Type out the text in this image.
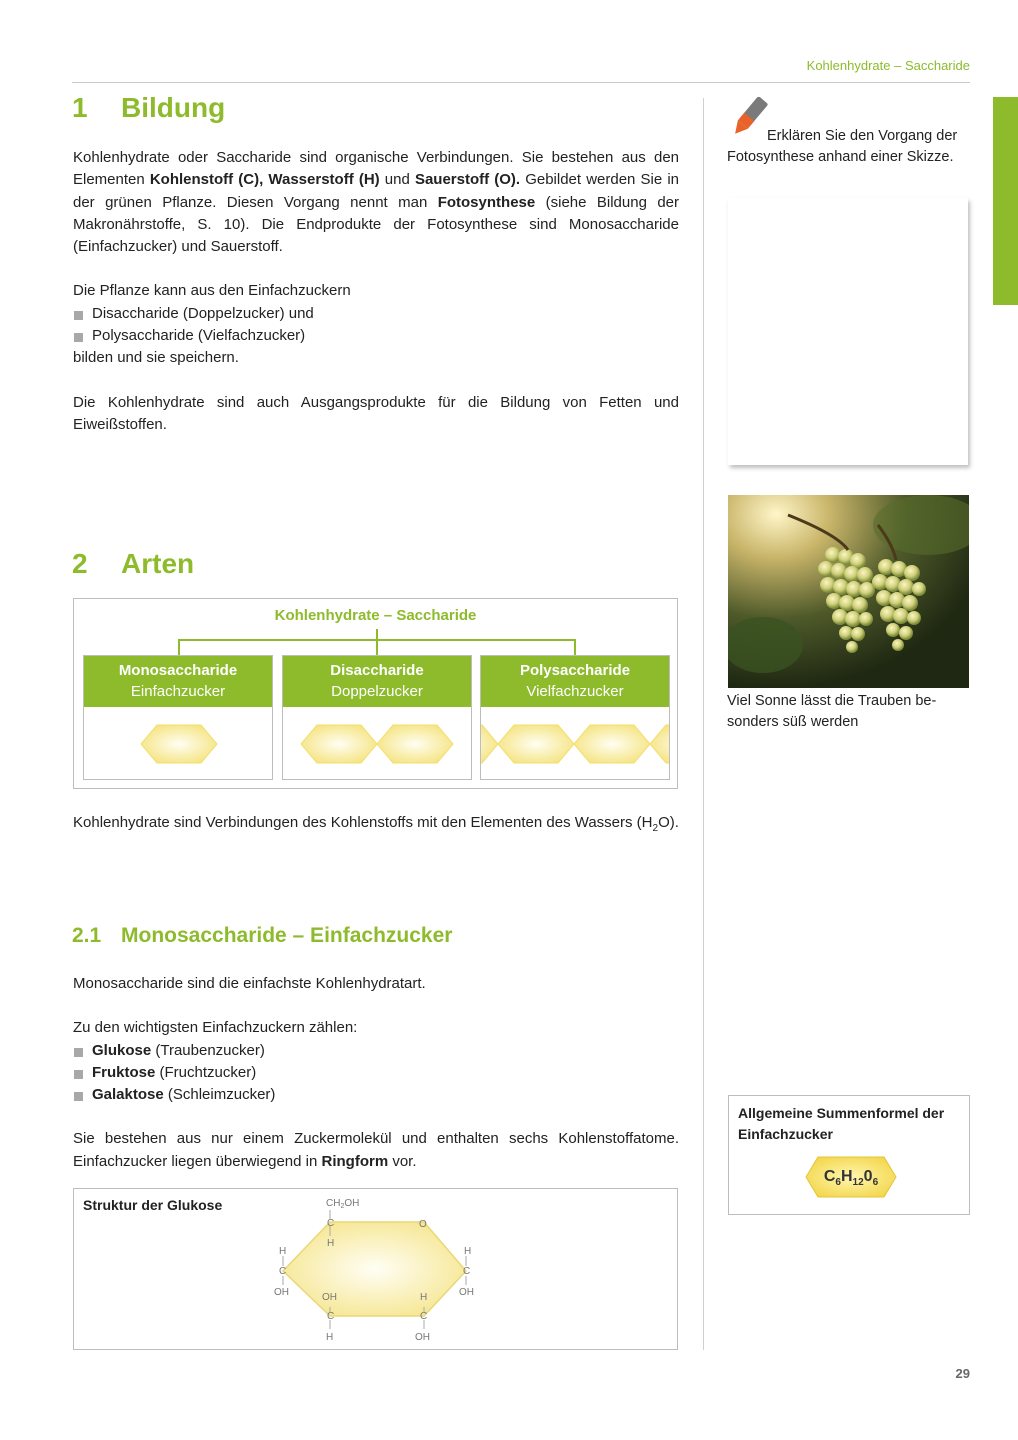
Kohlenhydrate – Saccharide
1 Bildung

Kohlenhydrate oder Saccharide sind organische Verbindungen. Sie bestehen aus den Elementen Kohlenstoff (C), Wasserstoff (H) und Sauerstoff (O). Gebildet werden Sie in der grünen Pflanze. Diesen Vorgang nennt man Fotosynthese (siehe Bildung der Makronährstoffe, S. 10). Die Endprodukte der Fotosynthese sind Monosaccharide (Einfachzucker) und Sauerstoff.

Die Pflanze kann aus den Einfachzuckern

Disaccharide (Doppelzucker) und
Polysaccharide (Vielfachzucker)

bilden und sie speichern.

Die Kohlenhydrate sind auch Ausgangsprodukte für die Bildung von Fetten und Eiweißstoffen.

2 Arten
Kohlenhydrate – Saccharide
Monosaccharide
Einfachzucker
Disaccharide
Doppelzucker
Polysaccharide
Vielfachzucker

Kohlenhydrate sind Verbindungen des Kohlenstoffs mit den Elementen des Wassers $(H_2O)$.

2.1 Monosaccharide – Einfachzucker

Monosaccharide sind die einfachste Kohlenhydratart.

Zu den wichtigsten Einfachzuckern zählen:

Glukose (Traubenzucker)
Fruktose (Fruchtzucker)
Galaktose (Schleimzucker)

Sie bestehen aus nur einem Zuckermolekül und enthalten sechs Kohlenstoffatome. Einfachzucker liegen überwiegend in Ringform vor.

Struktur der Glukose	$CH_2OH$
C
H
O
H
C
OH
H
C
OH
OH
C
H
H
C
OH
Erklären Sie den Vorgang der Fotosynthese anhand einer Skizze.
Viel Sonne lässt die Trauben besonders süß werden
Allgemeine Summenformel der Einfachzucker
$C_6H_{12}0_6$
29
